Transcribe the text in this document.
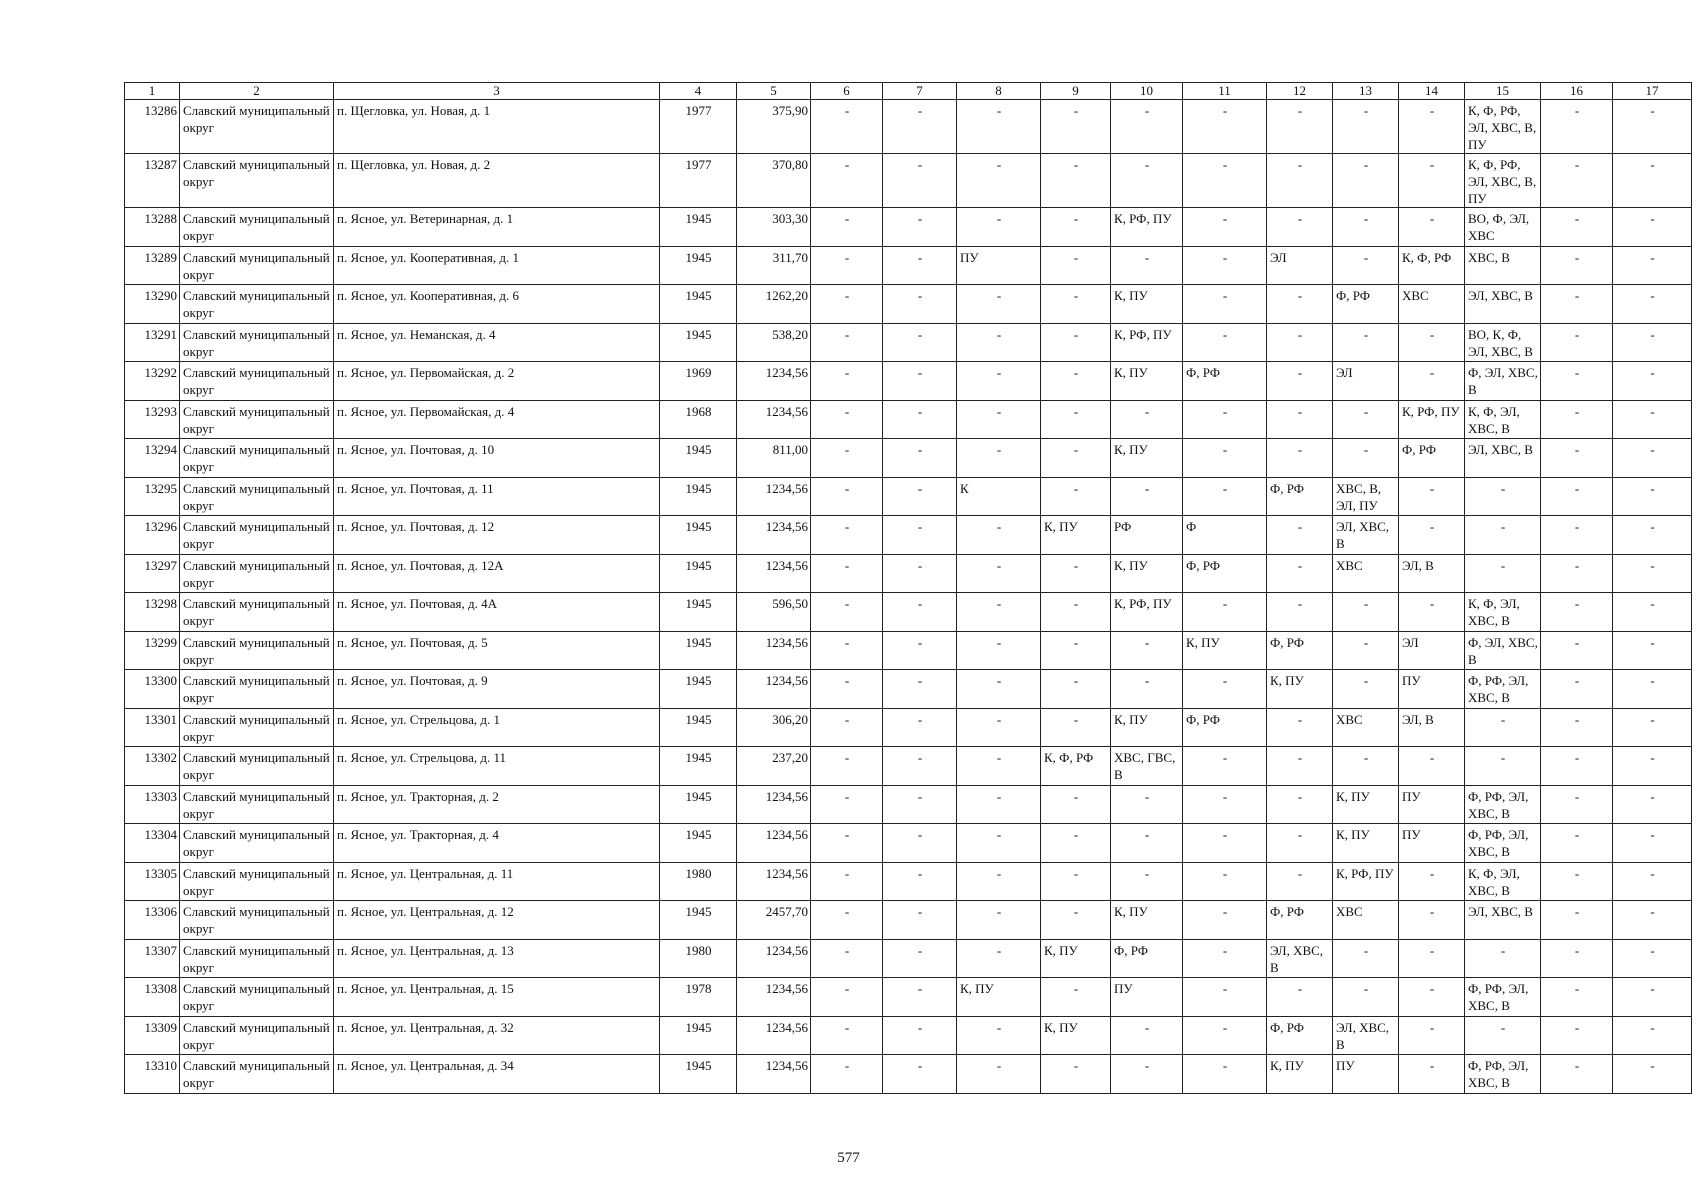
1	2	3	4	5	6	7	8	9	10	11	12	13	14	15	16	17
13286	Славский муниципальный округ	п. Щегловка, ул. Новая, д. 1	1977	375,90	-	-	-	-	-	-	-	-	-	К, Ф, РФ, ЭЛ, ХВС, В, ПУ	-	-
13287	Славский муниципальный округ	п. Щегловка, ул. Новая, д. 2	1977	370,80	-	-	-	-	-	-	-	-	-	К, Ф, РФ, ЭЛ, ХВС, В, ПУ	-	-
13288	Славский муниципальный округ	п. Ясное, ул. Ветеринарная, д. 1	1945	303,30	-	-	-	-	К, РФ, ПУ	-	-	-	-	ВО, Ф, ЭЛ, ХВС	-	-
13289	Славский муниципальный округ	п. Ясное, ул. Кооперативная, д. 1	1945	311,70	-	-	ПУ	-	-	-	ЭЛ	-	К, Ф, РФ	ХВС, В	-	-
13290	Славский муниципальный округ	п. Ясное, ул. Кооперативная, д. 6	1945	1262,20	-	-	-	-	К, ПУ	-	-	Ф, РФ	ХВС	ЭЛ, ХВС, В	-	-
13291	Славский муниципальный округ	п. Ясное, ул. Неманская, д. 4	1945	538,20	-	-	-	-	К, РФ, ПУ	-	-	-	-	ВО, К, Ф, ЭЛ, ХВС, В	-	-
13292	Славский муниципальный округ	п. Ясное, ул. Первомайская, д. 2	1969	1234,56	-	-	-	-	К, ПУ	Ф, РФ	-	ЭЛ	-	Ф, ЭЛ, ХВС, В	-	-
13293	Славский муниципальный округ	п. Ясное, ул. Первомайская, д. 4	1968	1234,56	-	-	-	-	-	-	-	-	К, РФ, ПУ	К, Ф, ЭЛ, ХВС, В	-	-
13294	Славский муниципальный округ	п. Ясное, ул. Почтовая, д. 10	1945	811,00	-	-	-	-	К, ПУ	-	-	-	Ф, РФ	ЭЛ, ХВС, В	-	-
13295	Славский муниципальный округ	п. Ясное, ул. Почтовая, д. 11	1945	1234,56	-	-	К	-	-	-	Ф, РФ	ХВС, В, ЭЛ, ПУ	-	-	-	-
13296	Славский муниципальный округ	п. Ясное, ул. Почтовая, д. 12	1945	1234,56	-	-	-	К, ПУ	РФ	Ф	-	ЭЛ, ХВС, В	-	-	-	-
13297	Славский муниципальный округ	п. Ясное, ул. Почтовая, д. 12А	1945	1234,56	-	-	-	-	К, ПУ	Ф, РФ	-	ХВС	ЭЛ, В	-	-	-
13298	Славский муниципальный округ	п. Ясное, ул. Почтовая, д. 4А	1945	596,50	-	-	-	-	К, РФ, ПУ	-	-	-	-	К, Ф, ЭЛ, ХВС, В	-	-
13299	Славский муниципальный округ	п. Ясное, ул. Почтовая, д. 5	1945	1234,56	-	-	-	-	-	К, ПУ	Ф, РФ	-	ЭЛ	Ф, ЭЛ, ХВС, В	-	-
13300	Славский муниципальный округ	п. Ясное, ул. Почтовая, д. 9	1945	1234,56	-	-	-	-	-	-	К, ПУ	-	ПУ	Ф, РФ, ЭЛ, ХВС, В	-	-
13301	Славский муниципальный округ	п. Ясное, ул. Стрельцова, д. 1	1945	306,20	-	-	-	-	К, ПУ	Ф, РФ	-	ХВС	ЭЛ, В	-	-	-
13302	Славский муниципальный округ	п. Ясное, ул. Стрельцова, д. 11	1945	237,20	-	-	-	К, Ф, РФ	ХВС, ГВС, В	-	-	-	-	-	-	-
13303	Славский муниципальный округ	п. Ясное, ул. Тракторная, д. 2	1945	1234,56	-	-	-	-	-	-	-	К, ПУ	ПУ	Ф, РФ, ЭЛ, ХВС, В	-	-
13304	Славский муниципальный округ	п. Ясное, ул. Тракторная, д. 4	1945	1234,56	-	-	-	-	-	-	-	К, ПУ	ПУ	Ф, РФ, ЭЛ, ХВС, В	-	-
13305	Славский муниципальный округ	п. Ясное, ул. Центральная, д. 11	1980	1234,56	-	-	-	-	-	-	-	К, РФ, ПУ	-	К, Ф, ЭЛ, ХВС, В	-	-
13306	Славский муниципальный округ	п. Ясное, ул. Центральная, д. 12	1945	2457,70	-	-	-	-	К, ПУ	-	Ф, РФ	ХВС	-	ЭЛ, ХВС, В	-	-
13307	Славский муниципальный округ	п. Ясное, ул. Центральная, д. 13	1980	1234,56	-	-	-	К, ПУ	Ф, РФ	-	ЭЛ, ХВС, В	-	-	-	-	-
13308	Славский муниципальный округ	п. Ясное, ул. Центральная, д. 15	1978	1234,56	-	-	К, ПУ	-	ПУ	-	-	-	-	Ф, РФ, ЭЛ, ХВС, В	-	-
13309	Славский муниципальный округ	п. Ясное, ул. Центральная, д. 32	1945	1234,56	-	-	-	К, ПУ	-	-	Ф, РФ	ЭЛ, ХВС, В	-	-	-	-
13310	Славский муниципальный округ	п. Ясное, ул. Центральная, д. 34	1945	1234,56	-	-	-	-	-	-	К, ПУ	ПУ	-	Ф, РФ, ЭЛ, ХВС, В	-	-
577
